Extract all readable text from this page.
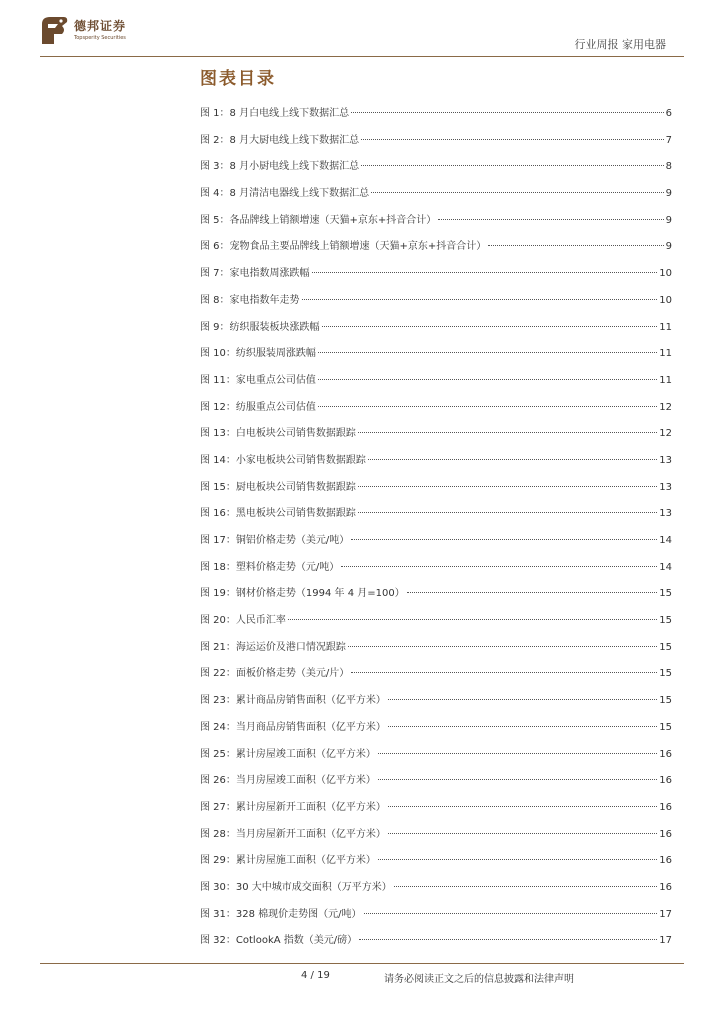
德邦证券
Topsperity Securities	行业周报 家用电器
图表目录
图 1：8 月白电线上线下数据汇总	6
图 2：8 月大厨电线上线下数据汇总	7
图 3：8 月小厨电线上线下数据汇总	8
图 4：8 月清洁电器线上线下数据汇总	9
图 5：各品牌线上销额增速（天猫+京东+抖音合计）	9
图 6：宠物食品主要品牌线上销额增速（天猫+京东+抖音合计）	9
图 7：家电指数周涨跌幅	10
图 8：家电指数年走势	10
图 9：纺织服装板块涨跌幅	11
图 10：纺织服装周涨跌幅	11
图 11：家电重点公司估值	11
图 12：纺服重点公司估值	12
图 13：白电板块公司销售数据跟踪	12
图 14：小家电板块公司销售数据跟踪	13
图 15：厨电板块公司销售数据跟踪	13
图 16：黑电板块公司销售数据跟踪	13
图 17：铜铝价格走势（美元/吨）	14
图 18：塑料价格走势（元/吨）	14
图 19：钢材价格走势（1994 年 4 月=100）	15
图 20：人民币汇率	15
图 21：海运运价及港口情况跟踪	15
图 22：面板价格走势（美元/片）	15
图 23：累计商品房销售面积（亿平方米）	15
图 24：当月商品房销售面积（亿平方米）	15
图 25：累计房屋竣工面积（亿平方米）	16
图 26：当月房屋竣工面积（亿平方米）	16
图 27：累计房屋新开工面积（亿平方米）	16
图 28：当月房屋新开工面积（亿平方米）	16
图 29：累计房屋施工面积（亿平方米）	16
图 30：30 大中城市成交面积（万平方米）	16
图 31：328 棉现价走势图（元/吨）	17
图 32：CotlookA 指数（美元/磅）	17
4 / 19	请务必阅读正文之后的信息披露和法律声明
